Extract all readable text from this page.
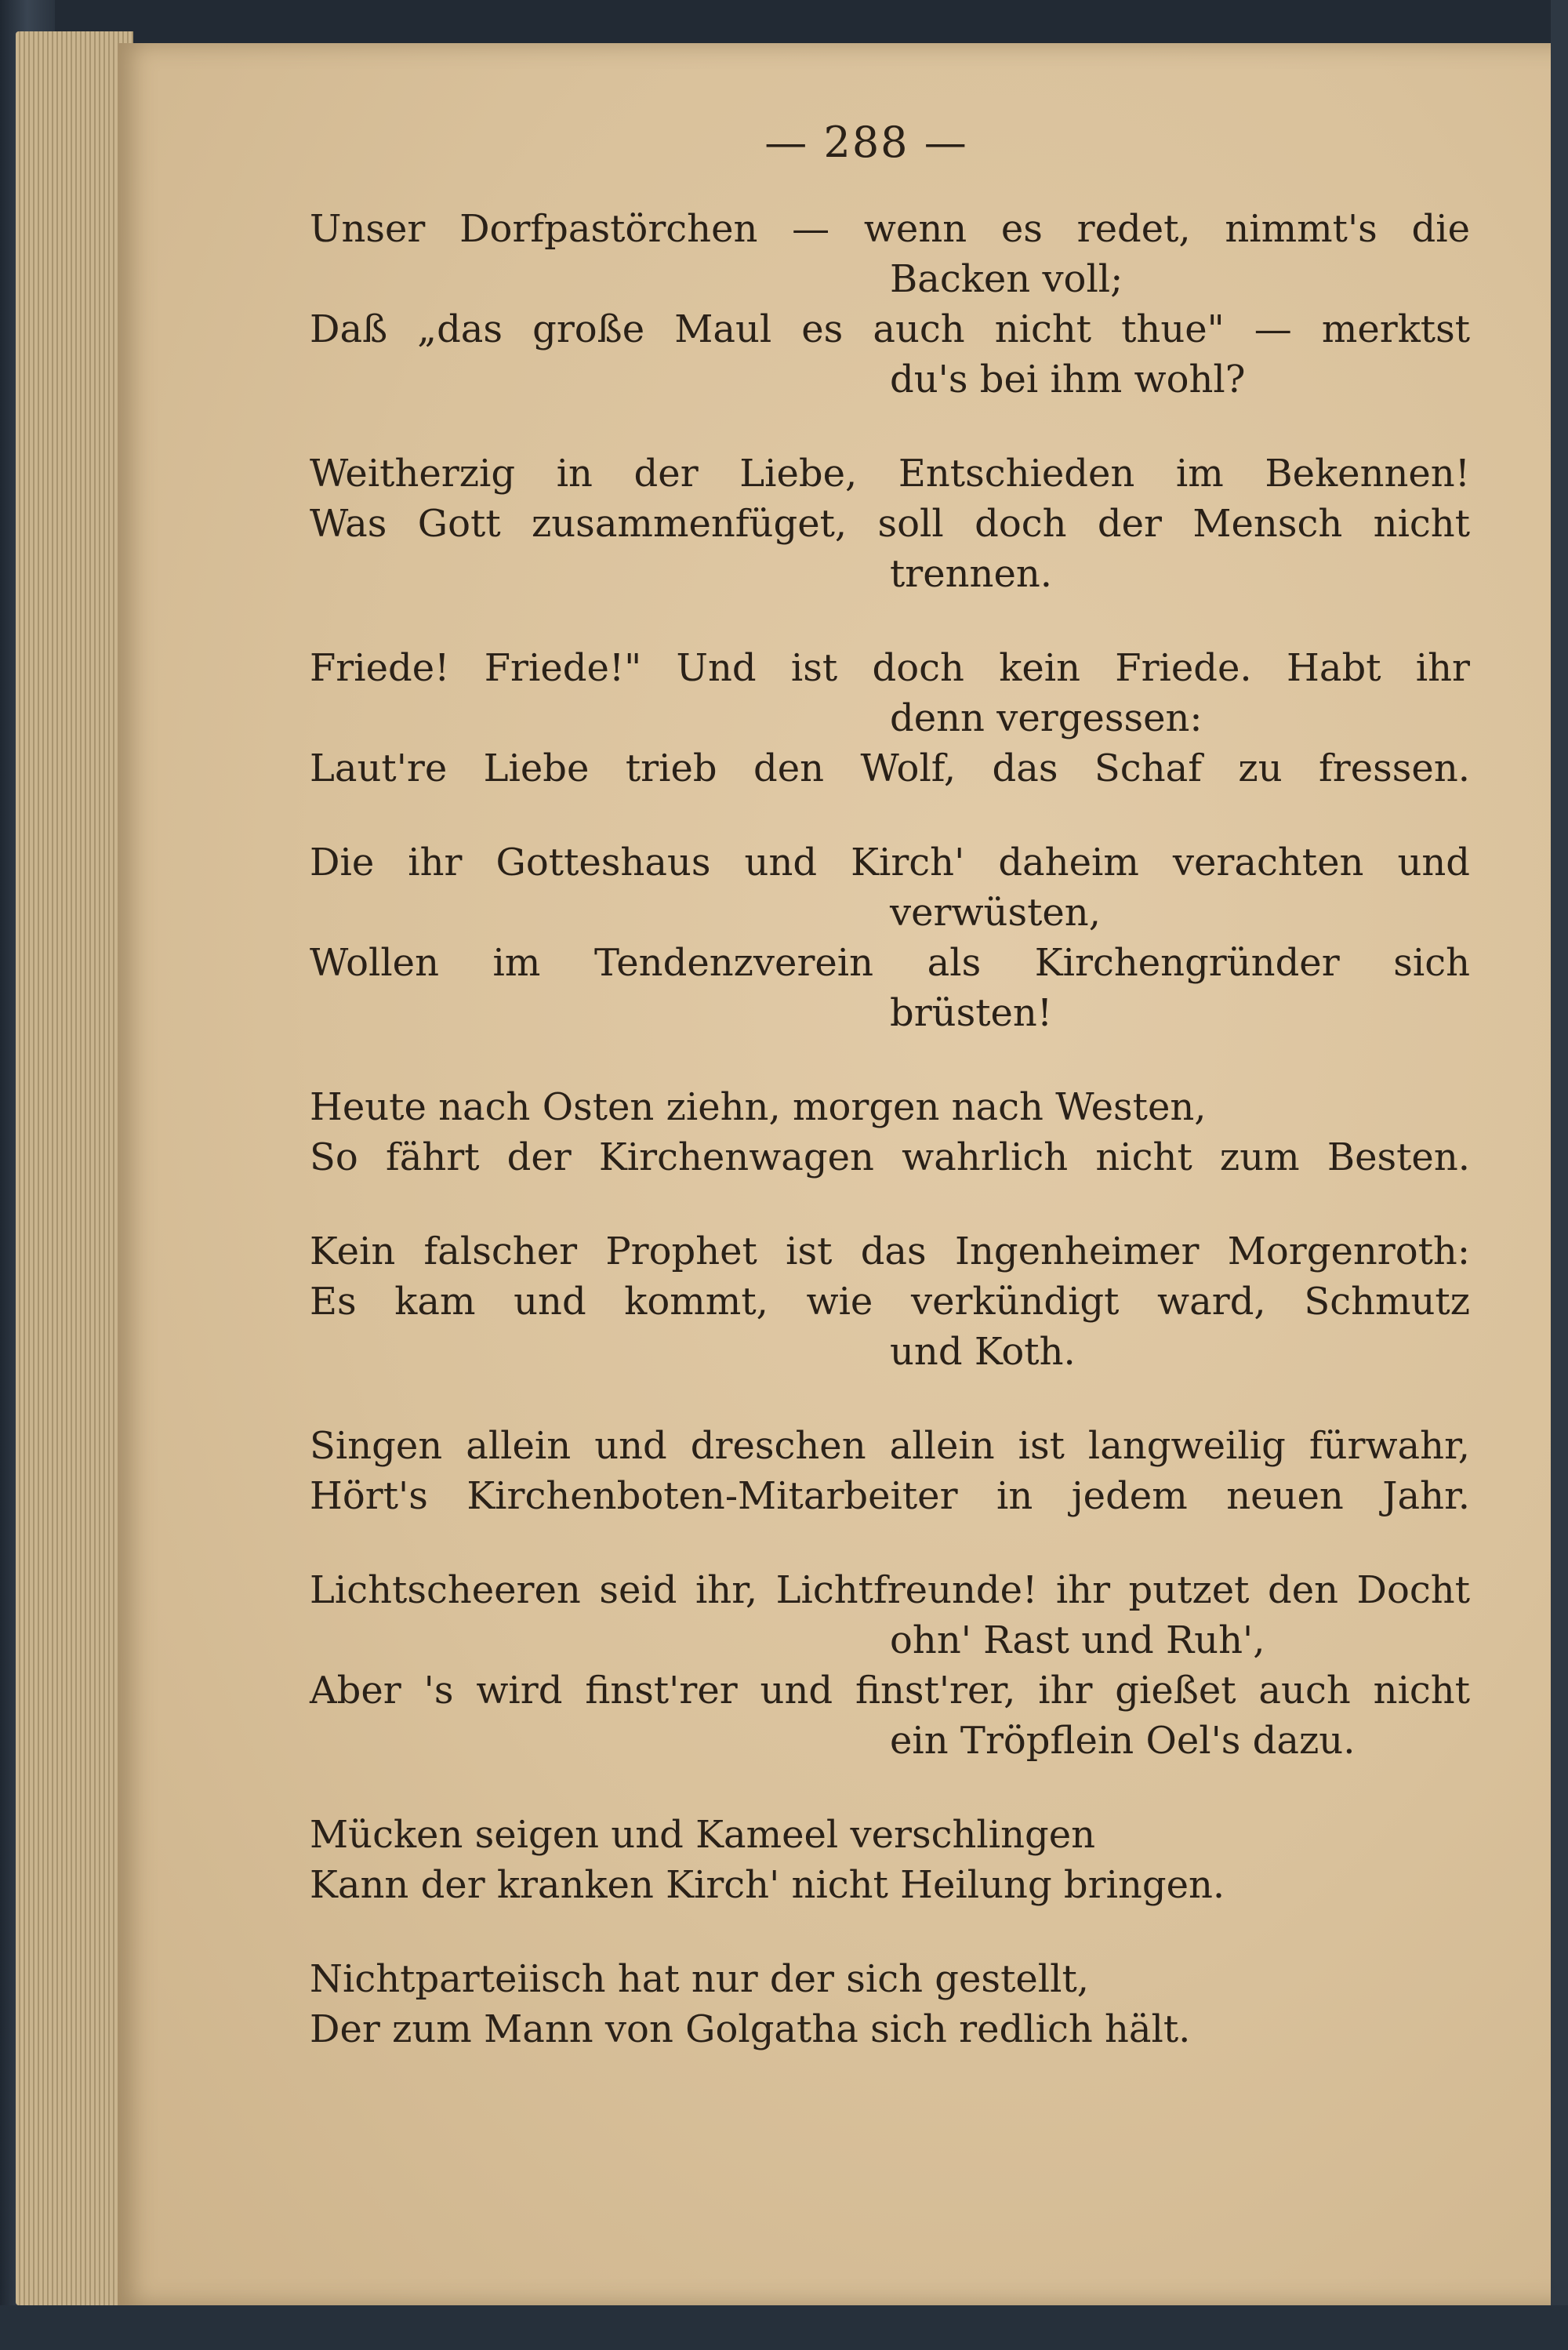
— 288 —
Unser Dorfpastörchen — wenn es redet, nimmt's die
Backen voll;
Daß „das große Maul es auch nicht thue" — merktst
du's bei ihm wohl?
Weitherzig in der Liebe, Entschieden im Bekennen!
Was Gott zusammenfüget, soll doch der Mensch nicht
trennen.
Friede! Friede!" Und ist doch kein Friede. Habt ihr
denn vergessen:
Laut're Liebe trieb den Wolf, das Schaf zu fressen.
Die ihr Gotteshaus und Kirch' daheim verachten und
verwüsten,
Wollen im Tendenzverein als Kirchengründer sich
brüsten!
Heute nach Osten ziehn, morgen nach Westen,
So fährt der Kirchenwagen wahrlich nicht zum Besten.
Kein falscher Prophet ist das Ingenheimer Morgenroth:
Es kam und kommt, wie verkündigt ward, Schmutz
und Koth.
Singen allein und dreschen allein ist langweilig fürwahr,
Hört's Kirchenboten-Mitarbeiter in jedem neuen Jahr.
Lichtscheeren seid ihr, Lichtfreunde! ihr putzet den Docht
ohn' Rast und Ruh',
Aber 's wird finst'rer und finst'rer, ihr gießet auch nicht
ein Tröpflein Oel's dazu.
Mücken seigen und Kameel verschlingen
Kann der kranken Kirch' nicht Heilung bringen.
Nichtparteiisch hat nur der sich gestellt,
Der zum Mann von Golgatha sich redlich hält.
